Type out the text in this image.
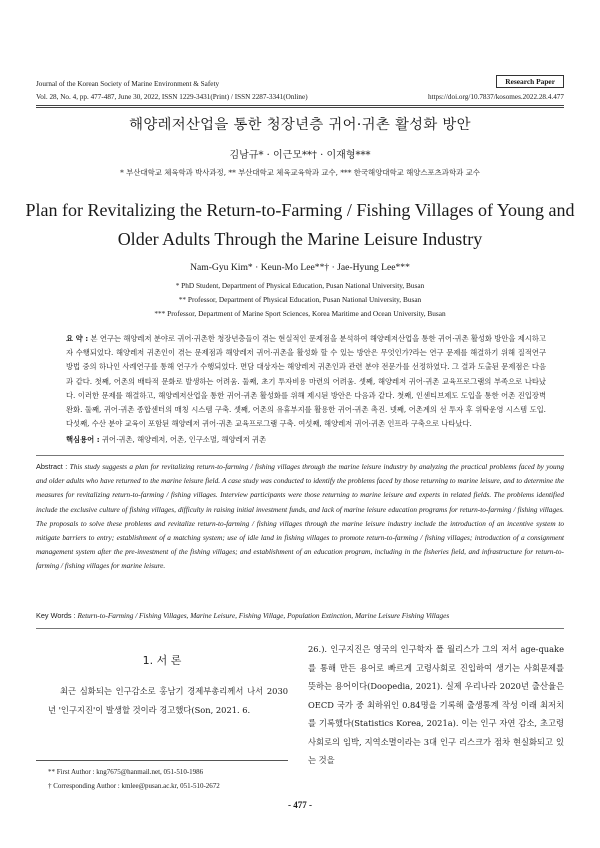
Journal of the Korean Society of Marine Environment & Safety	Research Paper
Vol. 28, No. 4, pp. 477-487, June 30, 2022, ISSN 1229-3431(Print) / ISSN 2287-3341(Online)	https://doi.org/10.7837/kosomes.2022.28.4.477
해양레저산업을 통한 청장년층 귀어·귀촌 활성화 방안
김남규* · 이근모**† · 이재형***
* 부산대학교 체육학과 박사과정, ** 부산대학교 체육교육학과 교수, *** 한국해양대학교 해양스포츠과학과 교수
Plan for Revitalizing the Return-to-Farming / Fishing Villages of Young and
Older Adults Through the Marine Leisure Industry
Nam-Gyu Kim* · Keun-Mo Lee**† · Jae-Hyung Lee***
* PhD Student, Department of Physical Education, Pusan National University, Busan
** Professor, Department of Physical Education, Pusan National University, Busan
*** Professor, Department of Marine Sport Sciences, Korea Maritime and Ocean University, Busan
요 약 : 본 연구는 해양레저 분야로 귀어·귀촌한 청장년층들이 겪는 현실적인 문제점을 분석하여 해양레저산업을 통한 귀어·귀촌 활성화 방안을 제시하고자 수행되었다. 해양레저 귀촌인이 겪는 문제점과 해양레저 귀어·귀촌을 활성화 할 수 있는 방안은 무엇인가?라는 연구 문제를 해결하기 위해 질적연구방법 중의 하나인 사례연구를 통해 연구가 수행되었다. 면담 대상자는 해양레저 귀촌인과 관련 분야 전문가를 선정하였다. 그 결과 도출된 문제점은 다음과 같다. 첫째, 어촌의 배타적 문화로 발생하는 어려움. 둘째, 초기 투자비용 마련의 어려움. 셋째, 해양레저 귀어·귀촌 교육프로그램의 부족으로 나타났다. 이러한 문제를 해결하고, 해양레저산업을 통한 귀어·귀촌 활성화를 위해 제시된 방안은 다음과 같다. 첫째, 인센티브제도 도입을 통한 어촌 진입장벽 완화. 둘째, 귀어·귀촌 종합센터의 매칭 시스템 구축. 셋째, 어촌의 유휴부지를 활용한 귀어·귀촌 촉진. 넷째, 어촌계의 선 투자 후 위탁운영 시스템 도입. 다섯째, 수산 분야 교육이 포함된 해양레저 귀어·귀촌 교육프로그램 구축. 여섯째, 해양레저 귀어·귀촌 인프라 구축으로 나타났다.
핵심용어 : 귀어·귀촌, 해양레저, 어촌, 인구소멸, 해양레저 귀촌
Abstract : This study suggests a plan for revitalizing return-to-farming / fishing villages through the marine leisure industry by analyzing the practical problems faced by young and older adults who have returned to the marine leisure field. A case study was conducted to identify the problems faced by those returning to marine leisure, and to determine the measures for revitalizing return-to-farming / fishing villages. Interview participants were those returning to marine leisure and experts in related fields. The problems identified include the exclusive culture of fishing villages, difficulty in raising initial investment funds, and lack of marine leisure education programs for return-to-farming / fishing villages. The proposals to solve these problems and revitalize return-to-farming / fishing villages through the marine leisure industry include the introduction of an incentive system to mitigate barriers to entry; establishment of a matching system; use of idle land in fishing villages to promote return-to-farming / fishing villages; introduction of a consignment management system after the pre-investment of the fishing villages; and establishment of an education program, including in the fisheries field, and infrastructure for return-to-farming / fishing villages for marine leisure.
Key Words : Return-to-Farming / Fishing Villages, Marine Leisure, Fishing Village, Population Extinction, Marine Leisure Fishing Villages
1. 서 론
최근 심화되는 인구감소로 홍남기 경제부총리께서 나서 2030년 '인구지진'이 발생할 것이라 경고했다(Son, 2021. 6.
26.). 인구지진은 영국의 인구학자 폴 월리스가 그의 저서 age-quake를 통해 만든 용어로 빠르게 고령사회로 진입하여 생기는 사회문제를 뜻하는 용어이다(Doopedia, 2021). 실제 우리나라 2020년 출산율은 OECD 국가 중 최하위인 0.84명을 기록해 출생통계 작성 이래 최저치를 기록했다(Statistics Korea, 2021a). 이는 인구 자연 감소, 초고령 사회로의 임박, 지역소멸이라는 3대 인구 리스크가 점차 현실화되고 있는 것을
** First Author : kng7675@hanmail.net, 051-510-1986
† Corresponding Author : kmlee@pusan.ac.kr, 051-510-2672
- 477 -
